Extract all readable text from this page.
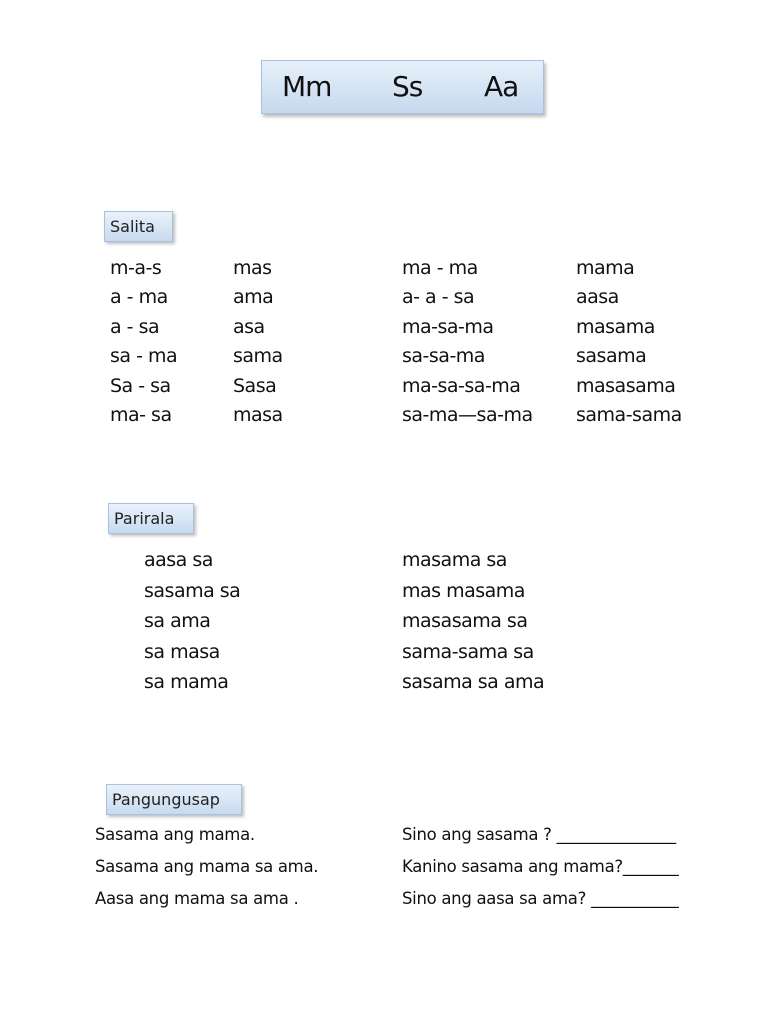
Mm Ss Aa
Salita
m-a-s
a - ma
a - sa
sa - ma
Sa - sa
ma- sa
mas
ama
asa
sama
Sasa
masa
ma - ma
a- a - sa
ma-sa-ma
sa-sa-ma
ma-sa-sa-ma
sa-ma—sa-ma
mama
aasa
masama
sasama
masasama
sama-sama
Parirala
aasa sa
sasama sa
sa ama
sa masa
sa mama
masama sa
mas masama
masasama sa
sama-sama sa
sasama sa ama
Pangungusap
Sasama ang mama.
Sasama ang mama sa ama.
Aasa ang mama sa ama .
Sino ang sasama ? _______________
Kanino sasama ang mama?_______
Sino ang aasa sa ama? ___________
